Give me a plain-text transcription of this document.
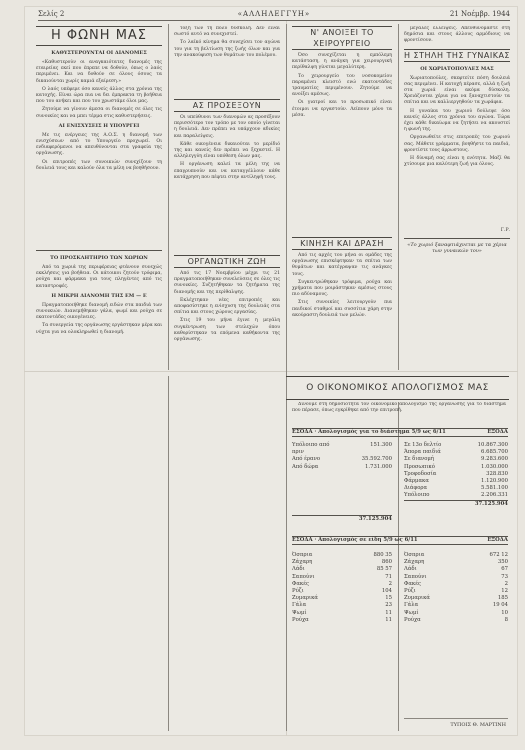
Σελίς 2	«ΑΛΛΗΛΕΓΓΥΗ»	21 Νοέμβρ. 1944
Η ΦΩΝΗ ΜΑΣ
ΚΑΘΥΣΤΕΡΟΥΝΤΑΙ ΟΙ ΔΙΑΝΟΜΕΣ

«Καθυστερούν οι αναγκαιότατες διανομές της εταιρείας εκεί που έπρεπε να δοθούν, όπως ο λαός περιμένει. Και να δοθούν σε όλους όσους τα δικαιούνται χωρίς καμιά εξαίρεση.»

Ο λαός υπέφερε όσο κανείς άλλος στα χρόνια της κατοχής. Είναι ώρα πια να δει έμπρακτα τη βοήθεια που του ανήκει και που του χρωστάμε όλοι μας.

Ζητούμε να γίνουν άμεσα οι διανομές σε όλες τις συνοικίες και να μπει τέρμα στις καθυστερήσεις.

ΑΙ ΕΝΙΣΧΥΣΕΙΣ Η ΥΠΟΥΡΓΕΙ

Με τις ενέργειες της Α.Ο.Σ. η διανομή των ενισχύσεων από το Υπουργείο προχωρεί. Οι ενδιαφερόμενοι να απευθύνονται στα γραφεία της οργάνωσης.

Οι επιτροπές των συνοικιών συνεχίζουν τη δουλειά τους και καλούν όλα τα μέλη να βοηθήσουν.

ΤΟ ΠΡΟΣΚΛΗΤΗΡΙΟ ΤΩΝ ΧΩΡΙΩΝ

Από τα χωριά της περιφέρειας φτάνουν συνεχώς εκκλήσεις για βοήθεια. Οι κάτοικοι ζητούν τρόφιμα, ρούχα και φάρμακα για τους πληγέντες από τις καταστροφές.

Η ΜΙΚΡΗ ΔΙΑΝΟΜΗ ΤΗΣ ΕΜ — Ε

Πραγματοποιήθηκε διανομή ειδών στα παιδιά των συνοικιών. Διανεμήθηκαν γάλα, ψωμί και ρούχα σε εκατοντάδες οικογένειες.

Τα συνεργεία της οργάνωσης εργάστηκαν μέρα και νύχτα για να ολοκληρωθεί η διανομή.

τοξη των τη πολύ δυσκολη. Δεν είναι σωστό αυτό να συνεχιστεί.

Το λαϊκό κίνημα θα συνεχίσει τον αγώνα του για τη βελτίωση της ζωής όλων και για την ανακούφιση των θυμάτων του πολέμου.

ΑΣ ΠΡΟΣΕΞΟΥΝ

Οι υπεύθυνοι των διανομών ας προσέξουν περισσότερο τον τρόπο με τον οποίο γίνεται η δουλειά. Δεν πρέπει να υπάρχουν αδικίες και παραλείψεις.

Κάθε οικογένεια δικαιούται το μερίδιό της και κανείς δεν πρέπει να ξεχαστεί. Η αλληλεγγύη είναι υπόθεση όλων μας.

Η οργάνωση καλεί τα μέλη της να επαγρυπνούν και να καταγγέλλουν κάθε κατάχρηση που πέφτει στην αντίληψή τους.

ΟΡΓΑΝΩΤΙΚΗ ΖΩΗ

Από τις 17 Νοεμβρίου μέχρι τις 21 πραγματοποιήθηκαν συνελεύσεις σε όλες τις συνοικίες. Συζητήθηκαν τα ζητήματα της διανομής και της περίθαλψης.

Εκλέχτηκαν νέες επιτροπές και αποφασίστηκε η ενίσχυση της δουλειάς στα σπίτια και στους χώρους εργασίας.

Στις 19 του μήνα έγινε η μεγάλη συγκέντρωση των στελεχών όπου καθορίστηκαν τα επόμενα καθήκοντα της οργάνωσης.

Ν' ΑΝΟΙΞΕΙ ΤΟ ΧΕΙΡΟΥΡΓΕΙΟ

Όσο συνεχίζεται η εμπόλεμη κατάσταση, η ανάγκη για χειρουργική περίθαλψη γίνεται μεγαλύτερη.

Το χειρουργείο του νοσοκομείου παραμένει κλειστό ενώ εκατοντάδες τραυματίες περιμένουν. Ζητούμε να ανοίξει αμέσως.

Οι γιατροί και το προσωπικό είναι έτοιμοι να εργαστούν. Λείπουν μόνο τα μέσα.

ΚΙΝΗΣΗ ΚΑΙ ΔΡΑΣΗ

Από τις αρχές του μήνα οι ομάδες της οργάνωσης επισκέφτηκαν τα σπίτια των θυμάτων και κατέγραψαν τις ανάγκες τους.

Συγκεντρώθηκαν τρόφιμα, ρούχα και χρήματα που μοιράστηκαν αμέσως στους πιο αδύναμους.

Στις συνοικίες λειτουργούν πια παιδικοί σταθμοί και συσσίτια χάρη στην ακούραστη δουλειά των μελών.

μεγάλες ελλείψεις. Απευθυνόμαστε στη δημόσια και στους άλλους αρμόδιους να φροντίσουν.

Η ΣΤΗΛΗ ΤΗΣ ΓΥΝΑΙΚΑΣ
ΟΙ ΧΩΡΙΑΤΟΠΟΥΛΕΣ ΜΑΣ

Χωριατοπούλες, σκεφτείτε πόση δουλειά σας περιμένει. Η κατοχή πέρασε, αλλά η ζωή στα χωριά είναι ακόμα δύσκολη. Χρειάζονται χέρια για να ξαναχτιστούν τα σπίτια και να καλλιεργηθούν τα χωράφια.

Η γυναίκα του χωριού δούλεψε όσο κανείς άλλος στα χρόνια του αγώνα. Τώρα έχει κάθε δικαίωμα να ζητήσει να ακουστεί η φωνή της.

Οργανωθείτε στις επιτροπές του χωριού σας. Μάθετε γράμματα, βοηθήστε τα παιδιά, φροντίστε τους άρρωστους.

Η δύναμή σας είναι η ενότητα. Μαζί θα χτίσουμε μια καλύτερη ζωή για όλους.

Γ.Ρ.
«Το χωριό ξαναφτιάχνεται με τα χέρια των γυναικών του»
Ο ΟΙΚΟΝΟΜΙΚΟΣ ΑΠΟΛΟΓΙΣΜΟΣ ΜΑΣ

Δίνουμε στη δημοσιότητα τον οικονομικό απολογισμό της οργάνωσης για το διάστημα που πέρασε, όπως εγκρίθηκε από την επιτροπή.

ΕΣΟΔΑ · Απολογισμός για το διάστημα 5/9 ως 6/11	ΕΞΟΔΑ
Υπόλοιπο από πριν
151.300
Από έρανο	35.592.700
Από δώρα	1.731.000
37.125.904
Σε 13ο δελτίο	10.867.300
Άπορα παιδιά	6.685.700
Σε διανομή	9.283.600
Προσωπικό	1.030.000
Τροφοδοσία	328.830
Φάρμακα	1.120.900
Διάφορα	5.581.100
Υπόλοιπο	2.206.331
37.125.904
ΕΣΟΔΑ · Απολογισμός σε είδη 5/9 ως 6/11	ΕΞΟΔΑ
Όσπρια	880 35
Ζάχαρη	860
Λάδι	85 57
Σαπούνι	71
Φακές	2
Ρύζι	104
Ζυμαρικά	15
Γάλα	23
Ψωμί	11
Ρούχα	11
Όσπρια	672 12
Ζάχαρη	350
Λάδι	67
Σαπούνι	73
Φακές	2
Ρύζι	12
Ζυμαρικά	185
Γάλα	19 04
Ψωμί	10
Ρούχα	8
ΤΥΠΟΙΣ Θ. ΜΑΡΤΙΝΗ
